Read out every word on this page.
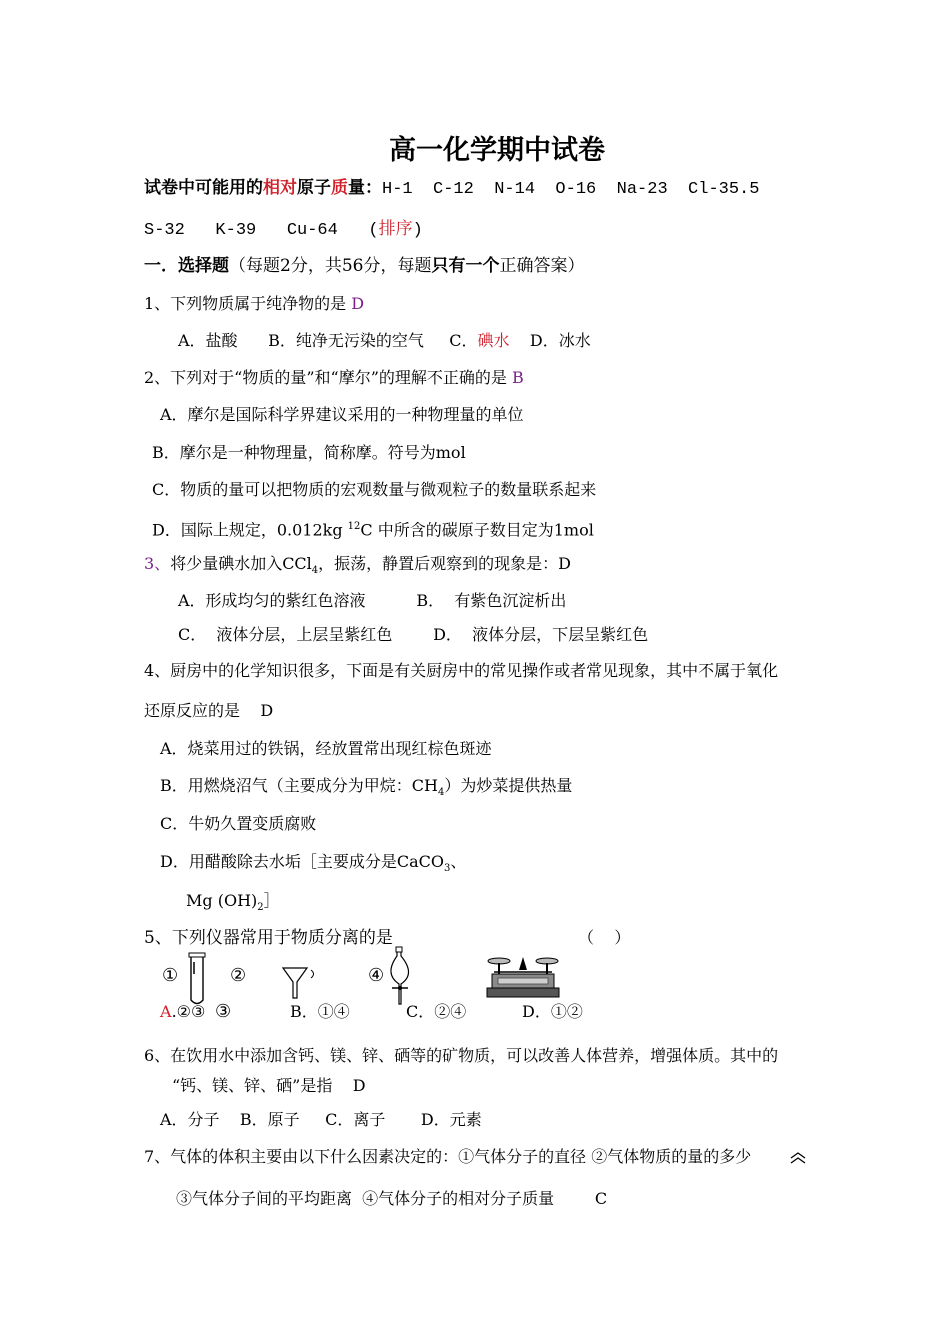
高一化学期中试卷
试卷中可能用的相对原子质量：H-1  C-12  N-14  O-16  Na-23  Cl-35.5
S-32   K-39   Cu-64   (排序)
一．选择题（每题2分，共56分，每题只有一个正确答案）
1、下列物质属于纯净物的是 D
A．盐酸      B．纯净无污染的空气     C．碘水    D．冰水
2、下列对于“物质的量”和“摩尔”的理解不正确的是 B
A．摩尔是国际科学界建议采用的一种物理量的单位
B．摩尔是一种物理量，简称摩。符号为mol
C．物质的量可以把物质的宏观数量与微观粒子的数量联系起来
D．国际上规定，0.012kg $^{12}$C 中所含的碳原子数目定为1mol
3、将少量碘水加入CCl$_4$，振荡，静置后观察到的现象是：D
A．形成均匀的紫红色溶液          B．  有紫色沉淀析出
C．  液体分层，上层呈紫红色        D．  液体分层，下层呈紫红色
4、厨房中的化学知识很多，下面是有关厨房中的常见操作或者常见现象，其中不属于氧化
还原反应的是    D
A．烧菜用过的铁锅，经放置常出现红棕色斑迹
B．用燃烧沼气（主要成分为甲烷：$CH_4$）为炒菜提供热量
C．牛奶久置变质腐败
D．用醋酸除去水垢［主要成分是CaCO$_3$、
Mg $(OH)_2]$
5、下列仪器常用于物质分离的是	（    ）
①	②	④
A.②③ ③	B．①④	C．②④	D．①②
6、在饮用水中添加含钙、镁、锌、硒等的矿物质，可以改善人体营养，增强体质。其中的
“钙、镁、锌、硒”是指    D
A．分子    B．原子     C．离子       D．元素
7、气体的体积主要由以下什么因素决定的：①气体分子的直径 ②气体物质的量的多少
③气体分子间的平均距离  ④气体分子的相对分子质量        C
